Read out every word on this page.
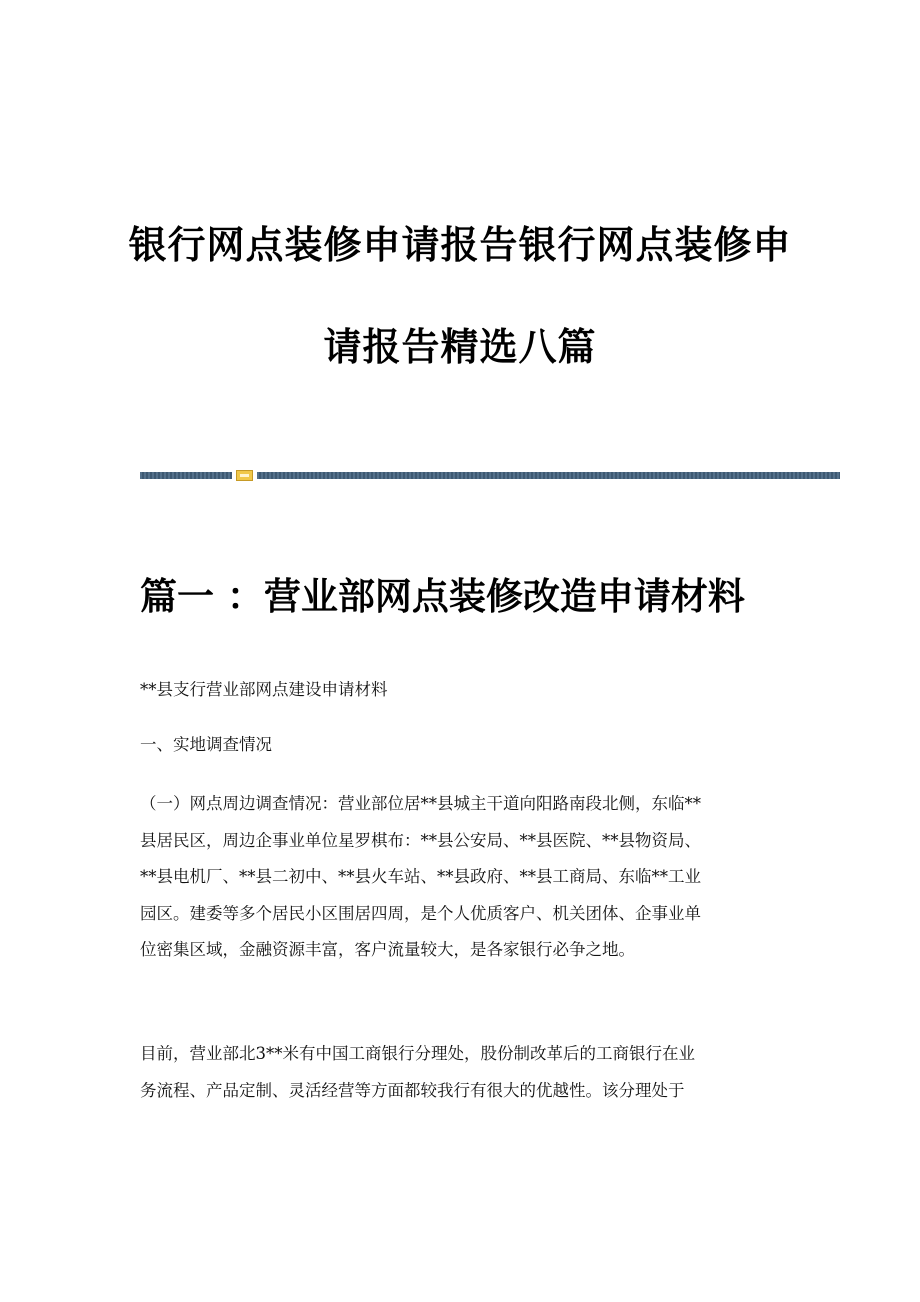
银行网点装修申请报告银行网点装修申
请报告精选八篇
篇一 ：营业部网点装修改造申请材料

**县支行营业部网点建设申请材料

一、实地调查情况

（一）网点周边调查情况：营业部位居**县城主干道向阳路南段北侧，东临**

县居民区，周边企事业单位星罗棋布：**县公安局、**县医院、**县物资局、

**县电机厂、**县二初中、**县火车站、**县政府、**县工商局、东临**工业

园区。建委等多个居民小区围居四周，是个人优质客户、机关团体、企事业单

位密集区域，金融资源丰富，客户流量较大，是各家银行必争之地。

目前，营业部北3**米有中国工商银行分理处，股份制改革后的工商银行在业

务流程、产品定制、灵活经营等方面都较我行有很大的优越性。该分理处于
